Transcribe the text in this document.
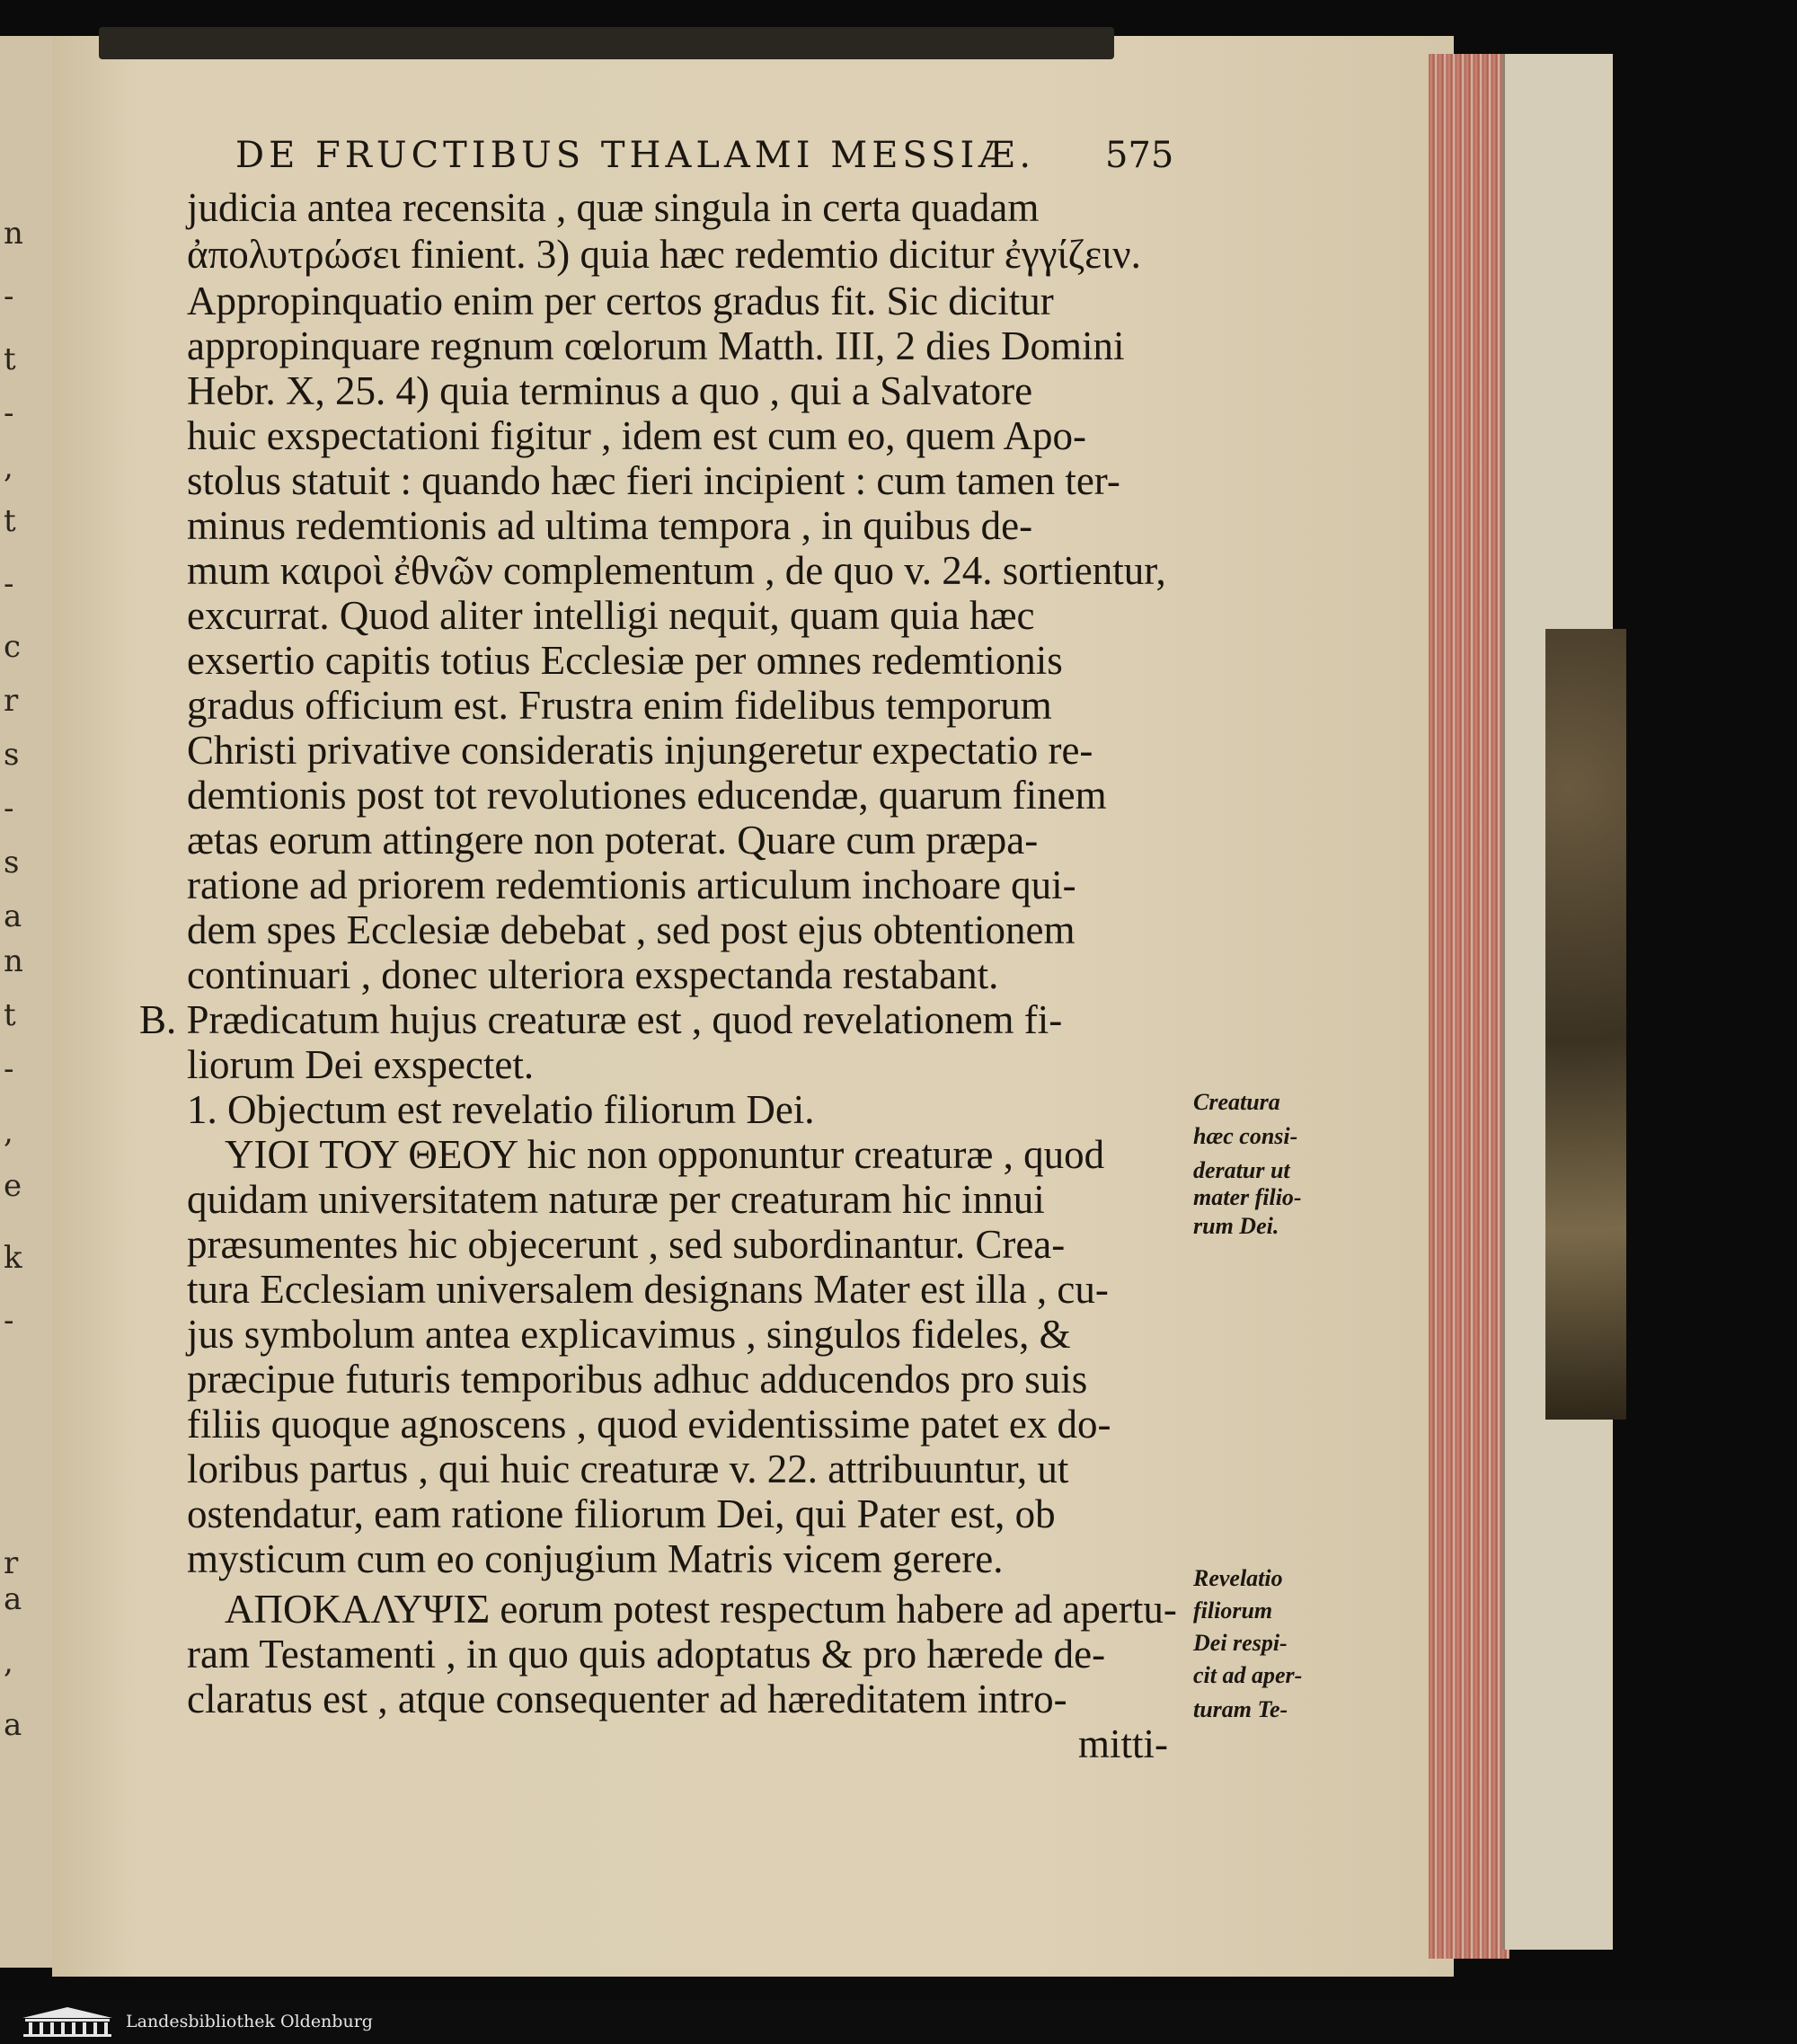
n
-
t
-
,
t
-
c
r
s
-
s
a
n
t
-
,
e
k
-
r
a
,
a
DE FRUCTIBUS THALAMI MESSIÆ. 575
judicia antea recensita , quæ singula in certa quadam
ἀπολυτρώσει finient. 3) quia hæc redemtio dicitur ἐγγίζειν.
Appropinquatio enim per certos gradus fit. Sic dicitur
appropinquare regnum cœlorum Matth. III, 2 dies Domini
Hebr. X, 25. 4) quia terminus a quo , qui a Salvatore
huic exspectationi figitur , idem est cum eo, quem Apo-
stolus statuit : quando hæc fieri incipient : cum tamen ter-
minus redemtionis ad ultima tempora , in quibus de-
mum καιροὶ ἐθνῶν complementum , de quo v. 24. sortientur,
excurrat. Quod aliter intelligi nequit, quam quia hæc
exsertio capitis totius Ecclesiæ per omnes redemtionis
gradus officium est. Frustra enim fidelibus temporum
Christi privative consideratis injungeretur expectatio re-
demtionis post tot revolutiones educendæ, quarum finem
ætas eorum attingere non poterat. Quare cum præpa-
ratione ad priorem redemtionis articulum inchoare qui-
dem spes Ecclesiæ debebat , sed post ejus obtentionem
continuari , donec ulteriora exspectanda restabant.
B. Prædicatum hujus creaturæ est , quod revelationem fi-
liorum Dei exspectet.
1. Objectum est revelatio filiorum Dei.
ΥΙΟΙ ΤΟΥ ΘΕΟΥ hic non opponuntur creaturæ , quod
quidam universitatem naturæ per creaturam hic innui
præsumentes hic objecerunt , sed subordinantur. Crea-
tura Ecclesiam universalem designans Mater est illa , cu-
jus symbolum antea explicavimus , singulos fideles, &
præcipue futuris temporibus adhuc adducendos pro suis
filiis quoque agnoscens , quod evidentissime patet ex do-
loribus partus , qui huic creaturæ v. 22. attribuuntur, ut
ostendatur, eam ratione filiorum Dei, qui Pater est, ob
mysticum cum eo conjugium Matris vicem gerere.
ΑΠΟΚΑΛΥΨΙΣ eorum potest respectum habere ad apertu-
ram Testamenti , in quo quis adoptatus & pro hærede de-
claratus est , atque consequenter ad hæreditatem intro-
mitti-
Creatura
hæc consi-
deratur ut
mater filio-
rum Dei.
Revelatio
filiorum
Dei respi-
cit ad aper-
turam Te-
Landesbibliothek Oldenburg
